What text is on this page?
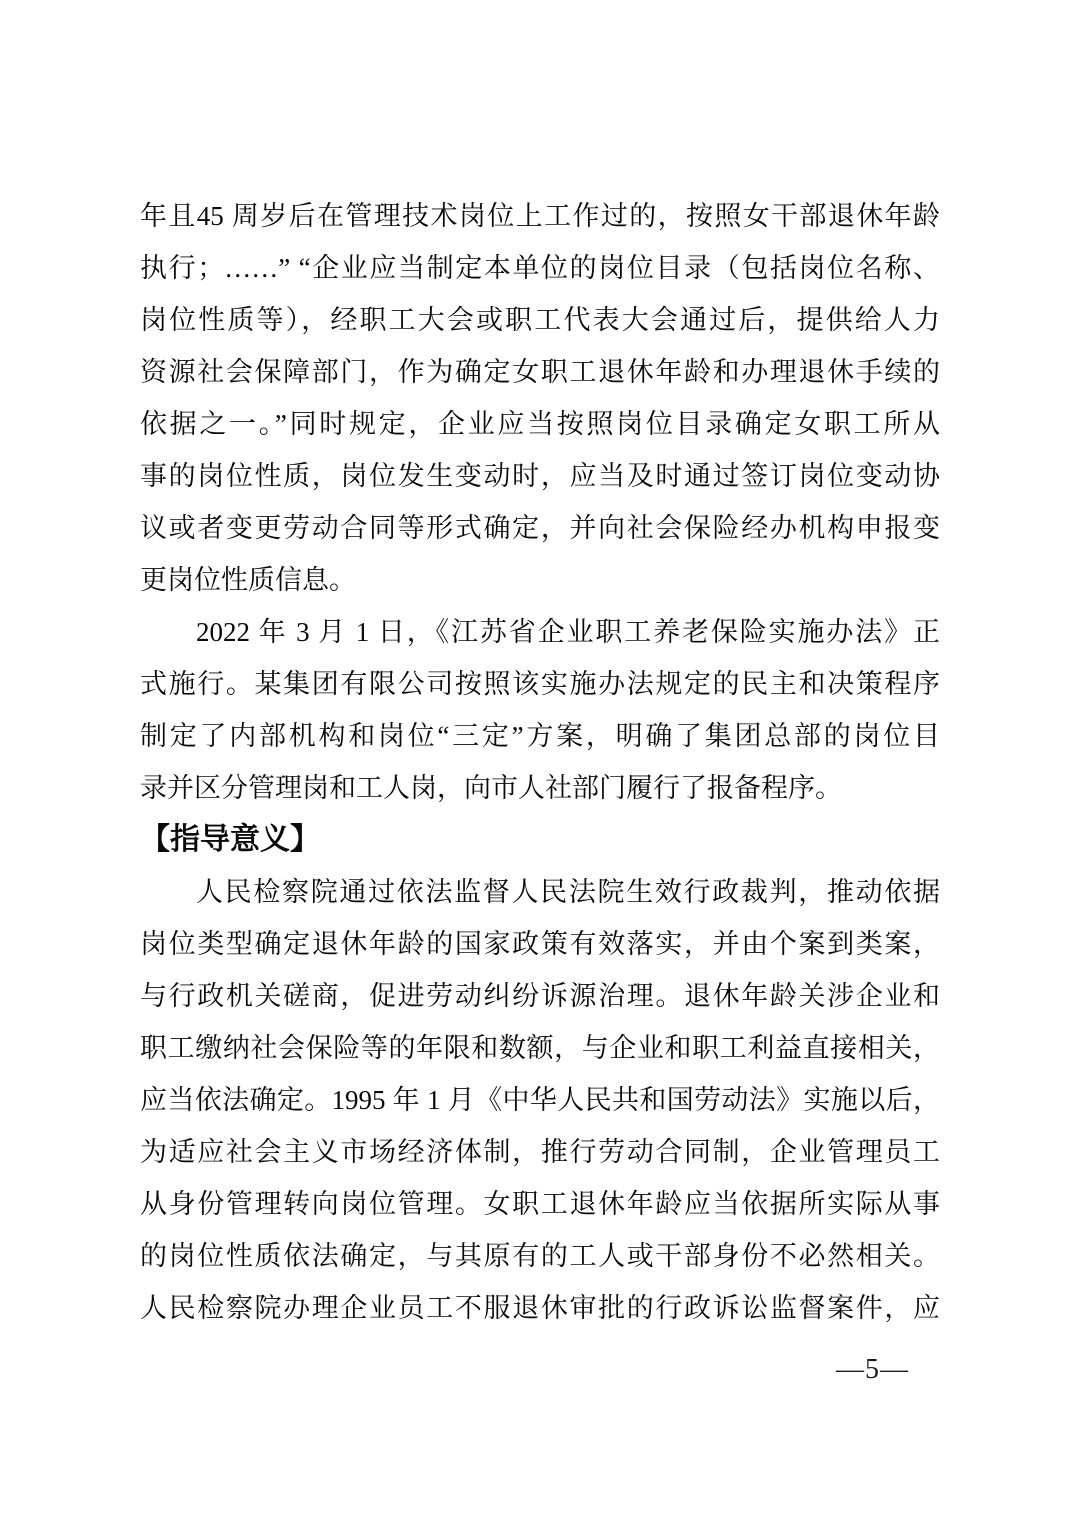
年且45 周岁后在管理技术岗位上工作过的，按照女干部退休年龄

执行；……” “企业应当制定本单位的岗位目录（包括岗位名称、

岗位性质等），经职工大会或职工代表大会通过后，提供给人力

资源社会保障部门，作为确定女职工退休年龄和办理退休手续的

依据之一。”同时规定，企业应当按照岗位目录确定女职工所从

事的岗位性质，岗位发生变动时，应当及时通过签订岗位变动协

议或者变更劳动合同等形式确定，并向社会保险经办机构申报变

更岗位性质信息。

2022 年 3 月 1 日，《江苏省企业职工养老保险实施办法》正

式施行。某集团有限公司按照该实施办法规定的民主和决策程序

制定了内部机构和岗位“三定”方案，明确了集团总部的岗位目

录并区分管理岗和工人岗，向市人社部门履行了报备程序。

【指导意义】

人民检察院通过依法监督人民法院生效行政裁判，推动依据

岗位类型确定退休年龄的国家政策有效落实，并由个案到类案，

与行政机关磋商，促进劳动纠纷诉源治理。退休年龄关涉企业和

职工缴纳社会保险等的年限和数额，与企业和职工利益直接相关，

应当依法确定。1995 年 1 月《中华人民共和国劳动法》实施以后，

为适应社会主义市场经济体制，推行劳动合同制，企业管理员工

从身份管理转向岗位管理。女职工退休年龄应当依据所实际从事

的岗位性质依法确定，与其原有的工人或干部身份不必然相关。

人民检察院办理企业员工不服退休审批的行政诉讼监督案件，应

—5—
